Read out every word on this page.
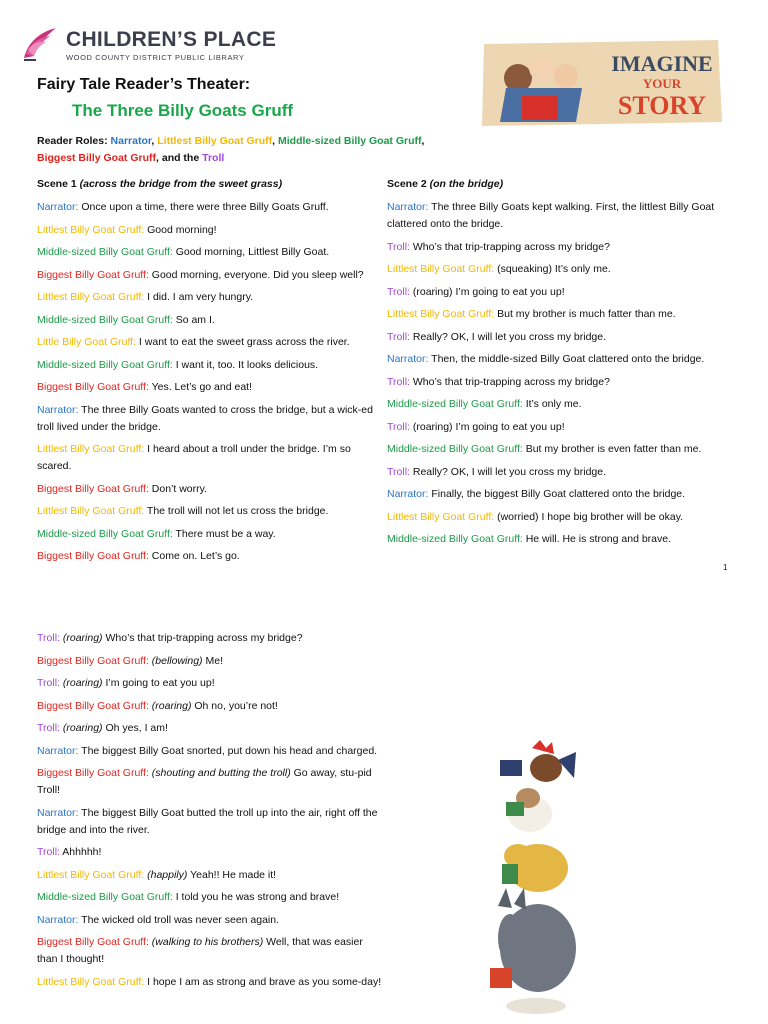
CHILDREN’S PLACE
WOOD COUNTY DISTRICT PUBLIC LIBRARY	IMAGINE
YOUR
STORY
Fairy Tale Reader’s Theater:
The Three Billy Goats Gruff
Reader Roles: Narrator, Littlest Billy Goat Gruff, Middle-sized Billy Goat Gruff, Biggest Billy Goat Gruff, and the Troll
Scene 1 (across the bridge from the sweet grass)
Narrator: Once upon a time, there were three Billy Goats Gruff.
Littlest Billy Goat Gruff: Good morning!
Middle-sized Billy Goat Gruff: Good morning, Littlest Billy Goat.
Biggest Billy Goat Gruff: Good morning, everyone. Did you sleep well?
Littlest Billy Goat Gruff: I did. I am very hungry.
Middle-sized Billy Goat Gruff: So am I.
Little Billy Goat Gruff: I want to eat the sweet grass across the river.
Middle-sized Billy Goat Gruff: I want it, too. It looks delicious.
Biggest Billy Goat Gruff: Yes. Let’s go and eat!
Narrator: The three Billy Goats wanted to cross the bridge, but a wick-ed troll lived under the bridge.
Littlest Billy Goat Gruff: I heard about a troll under the bridge. I’m so scared.
Biggest Billy Goat Gruff: Don’t worry.
Littlest Billy Goat Gruff: The troll will not let us cross the bridge.
Middle-sized Billy Goat Gruff: There must be a way.
Biggest Billy Goat Gruff: Come on. Let’s go.
Scene 2 (on the bridge)
Narrator: The three Billy Goats kept walking. First, the littlest Billy Goat clattered onto the bridge.
Troll: Who’s that trip-trapping across my bridge?
Littlest Billy Goat Gruff: (squeaking) It’s only me.
Troll: (roaring) I’m going to eat you up!
Littlest Billy Goat Gruff: But my brother is much fatter than me.
Troll: Really? OK, I will let you cross my bridge.
Narrator: Then, the middle-sized Billy Goat clattered onto the bridge.
Troll: Who’s that trip-trapping across my bridge?
Middle-sized Billy Goat Gruff: It’s only me.
Troll: (roaring) I’m going to eat you up!
Middle-sized Billy Goat Gruff: But my brother is even fatter than me.
Troll: Really? OK, I will let you cross my bridge.
Narrator: Finally, the biggest Billy Goat clattered onto the bridge.
Littlest Billy Goat Gruff: (worried) I hope big brother will be okay.
Middle-sized Billy Goat Gruff: He will. He is strong and brave.
1
Troll: (roaring) Who’s that trip-trapping across my bridge?
Biggest Billy Goat Gruff: (bellowing) Me!
Troll: (roaring) I’m going to eat you up!
Biggest Billy Goat Gruff: (roaring) Oh no, you’re not!
Troll: (roaring) Oh yes, I am!
Narrator: The biggest Billy Goat snorted, put down his head and charged.
Biggest Billy Goat Gruff: (shouting and butting the troll) Go away, stu-pid Troll!
Narrator: The biggest Billy Goat butted the troll up into the air, right off the bridge and into the river.
Troll: Ahhhhh!
Littlest Billy Goat Gruff: (happily) Yeah!! He made it!
Middle-sized Billy Goat Gruff: I told you he was strong and brave!
Narrator: The wicked old troll was never seen again.
Biggest Billy Goat Gruff: (walking to his brothers) Well, that was easier than I thought!
Littlest Billy Goat Gruff: I hope I am as strong and brave as you some-day!
